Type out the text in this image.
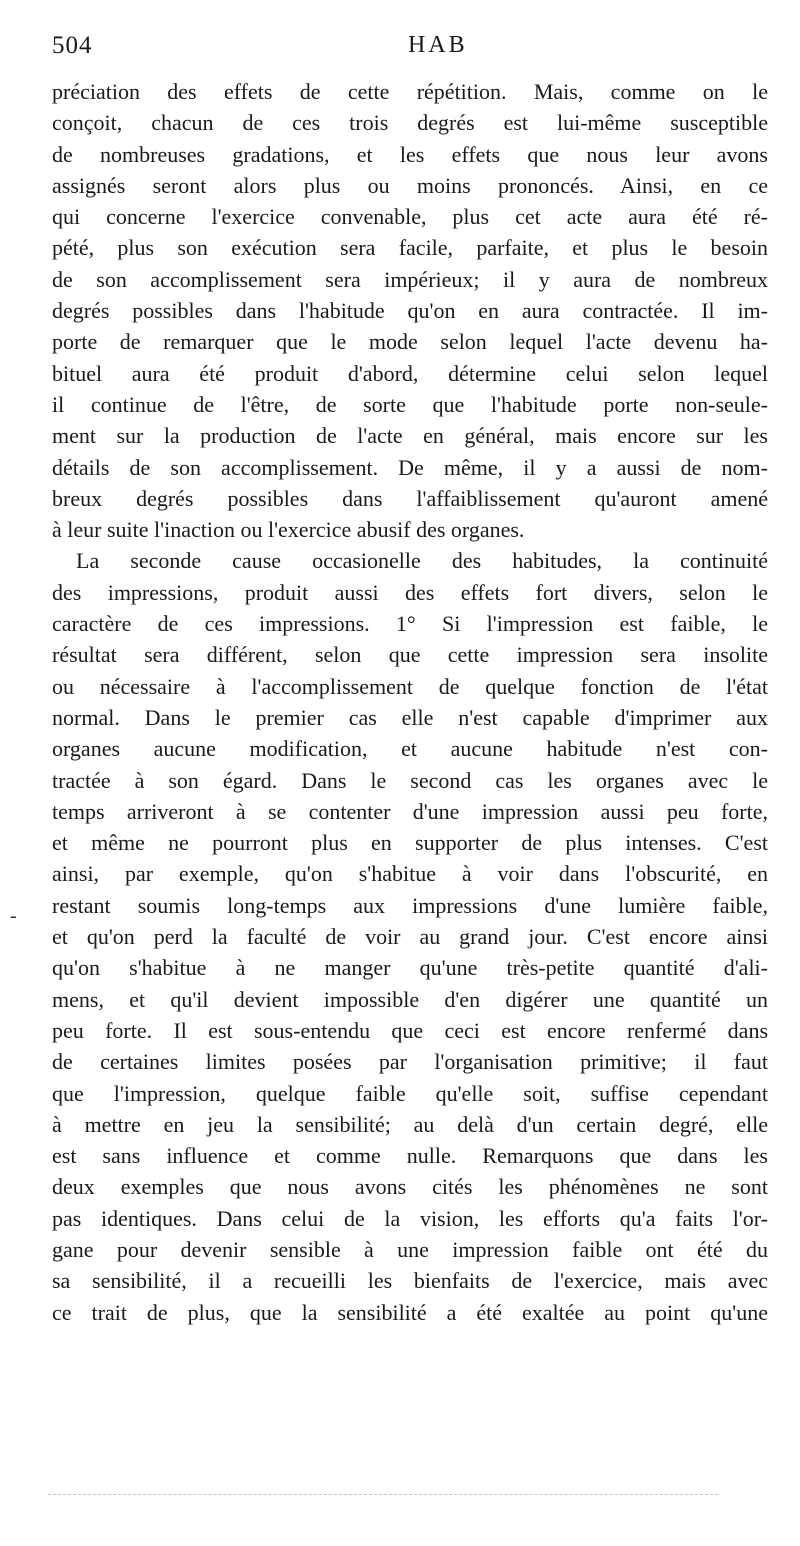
504	HAB
-
préciation des effets de cette répétition. Mais, comme on le
conçoit, chacun de ces trois degrés est lui-même susceptible
de nombreuses gradations, et les effets que nous leur avons
assignés seront alors plus ou moins prononcés. Ainsi, en ce
qui concerne l'exercice convenable, plus cet acte aura été ré-
pété, plus son exécution sera facile, parfaite, et plus le besoin
de son accomplissement sera impérieux; il y aura de nombreux
degrés possibles dans l'habitude qu'on en aura contractée. Il im-
porte de remarquer que le mode selon lequel l'acte devenu ha-
bituel aura été produit d'abord, détermine celui selon lequel
il continue de l'être, de sorte que l'habitude porte non-seule-
ment sur la production de l'acte en général, mais encore sur les
détails de son accomplissement. De même, il y a aussi de nom-
breux degrés possibles dans l'affaiblissement qu'auront amené
à leur suite l'inaction ou l'exercice abusif des organes.
La seconde cause occasionelle des habitudes, la continuité
des impressions, produit aussi des effets fort divers, selon le
caractère de ces impressions. 1° Si l'impression est faible, le
résultat sera différent, selon que cette impression sera insolite
ou nécessaire à l'accomplissement de quelque fonction de l'état
normal. Dans le premier cas elle n'est capable d'imprimer aux
organes aucune modification, et aucune habitude n'est con-
tractée à son égard. Dans le second cas les organes avec le
temps arriveront à se contenter d'une impression aussi peu forte,
et même ne pourront plus en supporter de plus intenses. C'est
ainsi, par exemple, qu'on s'habitue à voir dans l'obscurité, en
restant soumis long-temps aux impressions d'une lumière faible,
et qu'on perd la faculté de voir au grand jour. C'est encore ainsi
qu'on s'habitue à ne manger qu'une très-petite quantité d'ali-
mens, et qu'il devient impossible d'en digérer une quantité un
peu forte. Il est sous-entendu que ceci est encore renfermé dans
de certaines limites posées par l'organisation primitive; il faut
que l'impression, quelque faible qu'elle soit, suffise cependant
à mettre en jeu la sensibilité; au delà d'un certain degré, elle
est sans influence et comme nulle. Remarquons que dans les
deux exemples que nous avons cités les phénomènes ne sont
pas identiques. Dans celui de la vision, les efforts qu'a faits l'or-
gane pour devenir sensible à une impression faible ont été du
sa sensibilité, il a recueilli les bienfaits de l'exercice, mais avec
ce trait de plus, que la sensibilité a été exaltée au point qu'une
